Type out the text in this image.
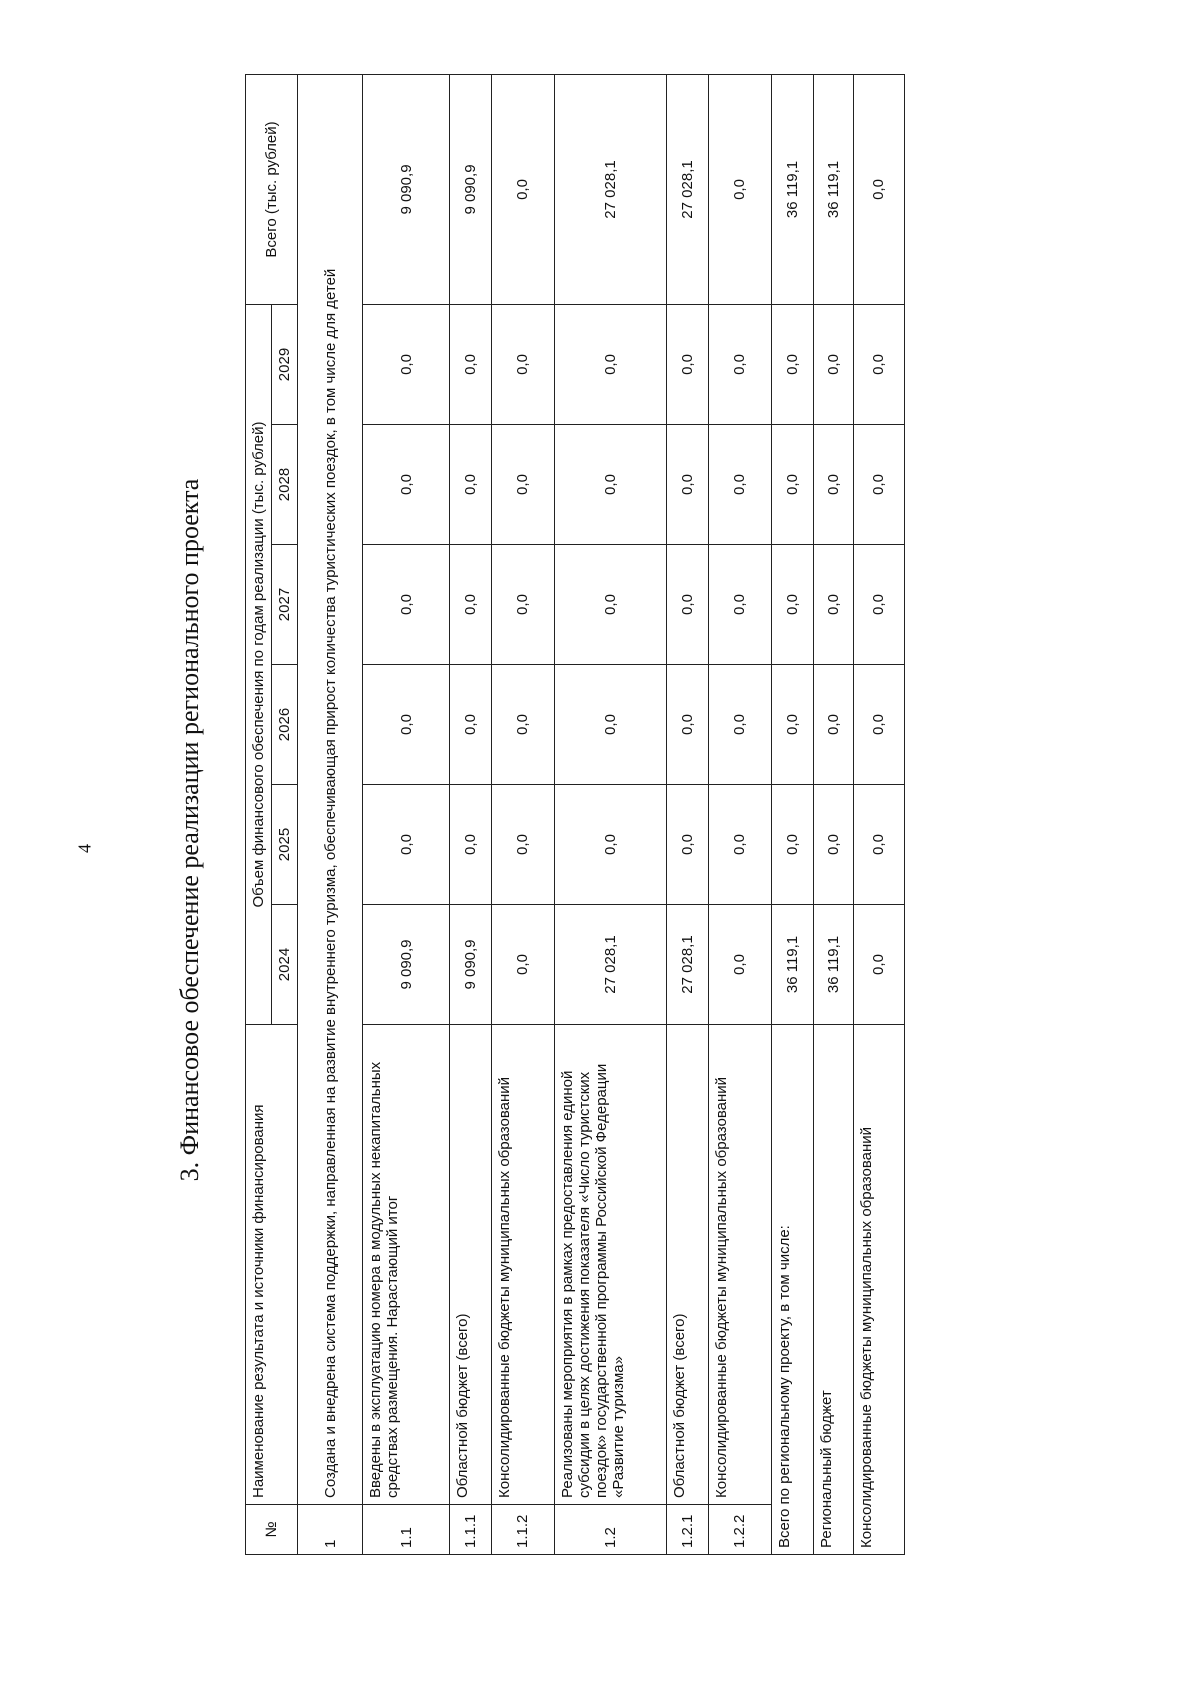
4	3. Финансовое обеспечение реализации регионального проекта
№	Наименование результата и источники финансирования	Объем финансового обеспечения по годам реализации (тыс. рублей)						Всего (тыс. рублей)
		2024	2025	2026	2027	2028	2029	
1	Создана и внедрена система поддержки, направленная на развитие внутреннего туризма, обеспечивающая прирост количества туристических поездок, в том числе для детей							
1.1	Введены в эксплуатацию номера в модульных некапитальных средствах размещения. Нарастающий итог	9 090,9	0,0	0,0	0,0	0,0	0,0	9 090,9
1.1.1	Областной бюджет (всего)	9 090,9	0,0	0,0	0,0	0,0	0,0	9 090,9
1.1.2	Консолидированные бюджеты муниципальных образований	0,0	0,0	0,0	0,0	0,0	0,0	0,0
1.2	Реализованы мероприятия в рамках предоставления единой субсидии в целях достижения показателя «Число туристских поездок» государственной программы Российской Федерации «Развитие туризма»	27 028,1	0,0	0,0	0,0	0,0	0,0	27 028,1
1.2.1	Областной бюджет (всего)	27 028,1	0,0	0,0	0,0	0,0	0,0	27 028,1
1.2.2	Консолидированные бюджеты муниципальных образований	0,0	0,0	0,0	0,0	0,0	0,0	0,0
Всего по региональному проекту, в том числе:		36 119,1	0,0	0,0	0,0	0,0	0,0	36 119,1
Региональный бюджет		36 119,1	0,0	0,0	0,0	0,0	0,0	36 119,1
Консолидированные бюджеты муниципальных образований		0,0	0,0	0,0	0,0	0,0	0,0	0,0
